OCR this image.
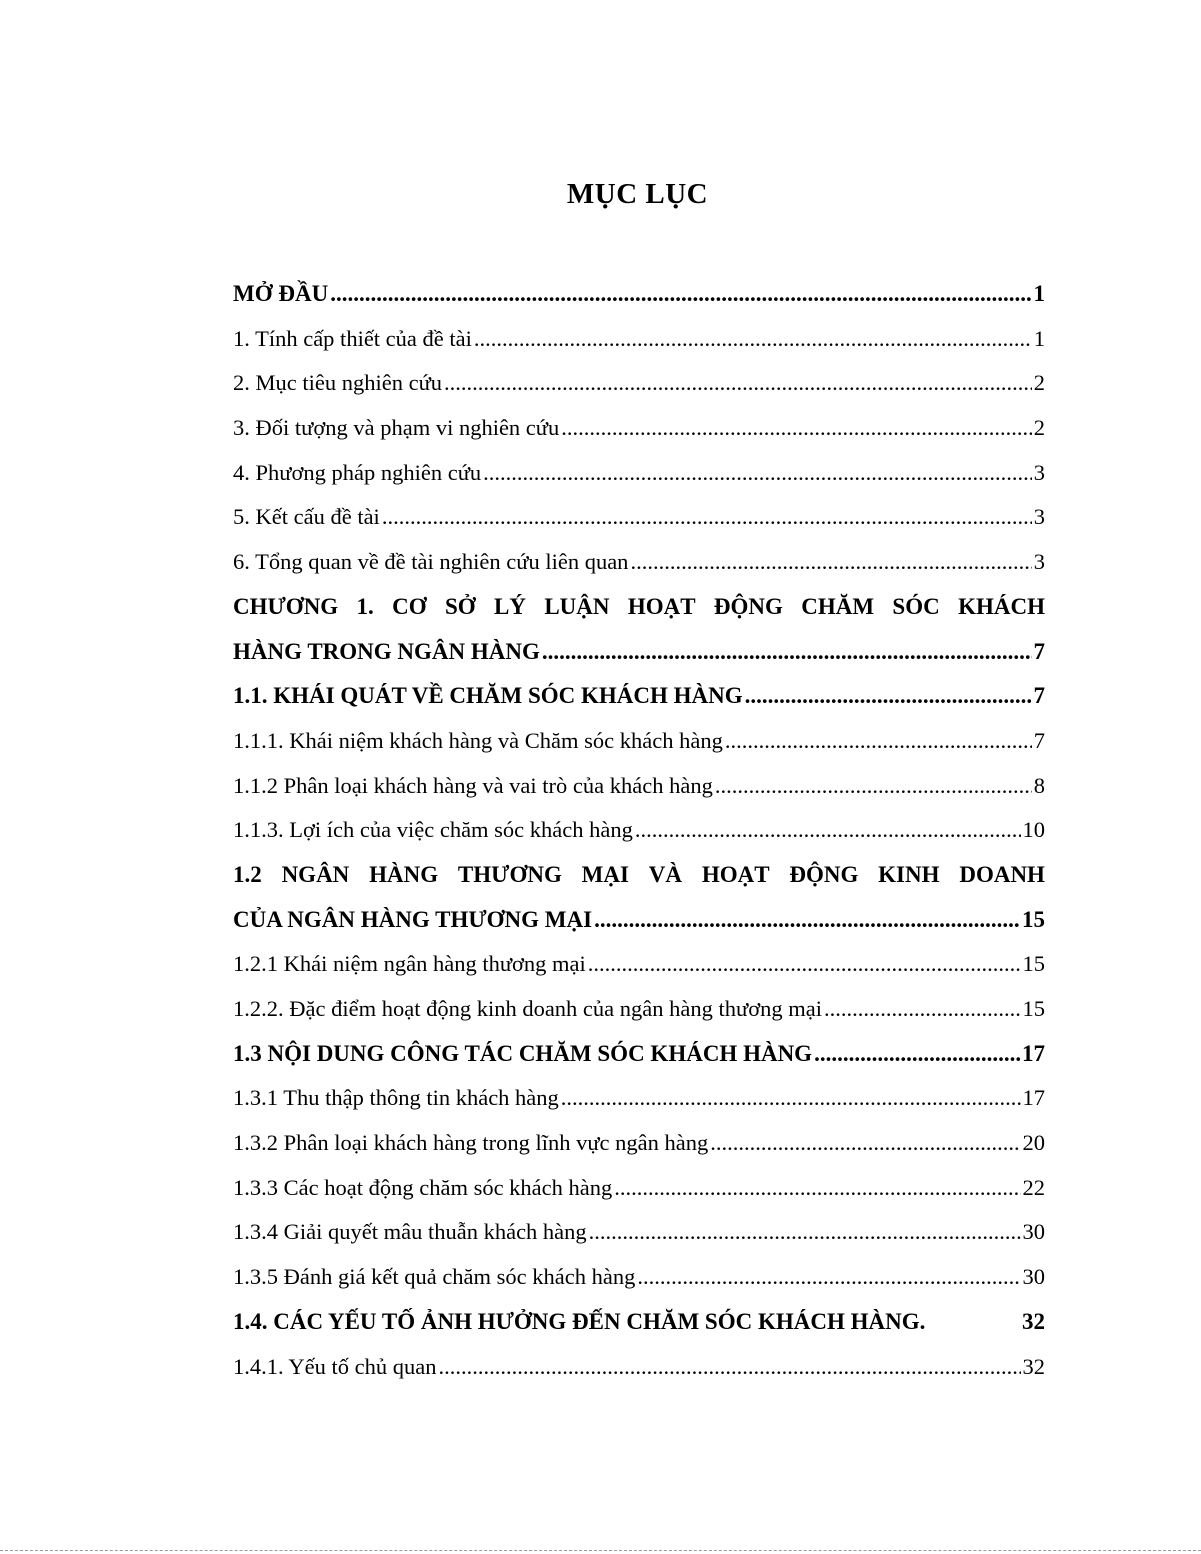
MỤC LỤC
MỞ ĐẦU .....	1
1. Tính cấp thiết của đề tài .....	1
2. Mục tiêu nghiên cứu .....	2
3. Đối tượng và phạm vi nghiên cứu .....	2
4. Phương pháp nghiên cứu .....	3
5. Kết cấu đề tài .....	3
6. Tổng quan về đề tài nghiên cứu liên quan .....	3
CHƯƠNG 1. CƠ SỞ LÝ LUẬN HOẠT ĐỘNG CHĂM SÓC KHÁCH
HÀNG TRONG NGÂN HÀNG .....	7
1.1. KHÁI QUÁT VỀ CHĂM SÓC KHÁCH HÀNG .....	7
1.1.1. Khái niệm khách hàng và Chăm sóc khách hàng .....	7
1.1.2 Phân loại khách hàng và vai trò của khách hàng .....	8
1.1.3. Lợi ích của việc chăm sóc khách hàng .....	10
1.2 NGÂN HÀNG THƯƠNG MẠI VÀ HOẠT ĐỘNG KINH DOANH
CỦA NGÂN HÀNG THƯƠNG MẠI .....	15
1.2.1 Khái niệm ngân hàng thương mại .....	15
1.2.2. Đặc điểm hoạt động kinh doanh của ngân hàng thương mại .....	15
1.3 NỘI DUNG CÔNG TÁC CHĂM SÓC KHÁCH HÀNG .....	17
1.3.1 Thu thập thông tin khách hàng .....	17
1.3.2 Phân loại khách hàng trong lĩnh vực ngân hàng .....	20
1.3.3 Các hoạt động chăm sóc khách hàng .....	22
1.3.4 Giải quyết mâu thuẫn khách hàng .....	30
1.3.5 Đánh giá kết quả chăm sóc khách hàng .....	30
1.4. CÁC YẾU TỐ ẢNH HƯỞNG ĐẾN CHĂM SÓC KHÁCH HÀNG.	32
1.4.1. Yếu tố chủ quan .....	32
